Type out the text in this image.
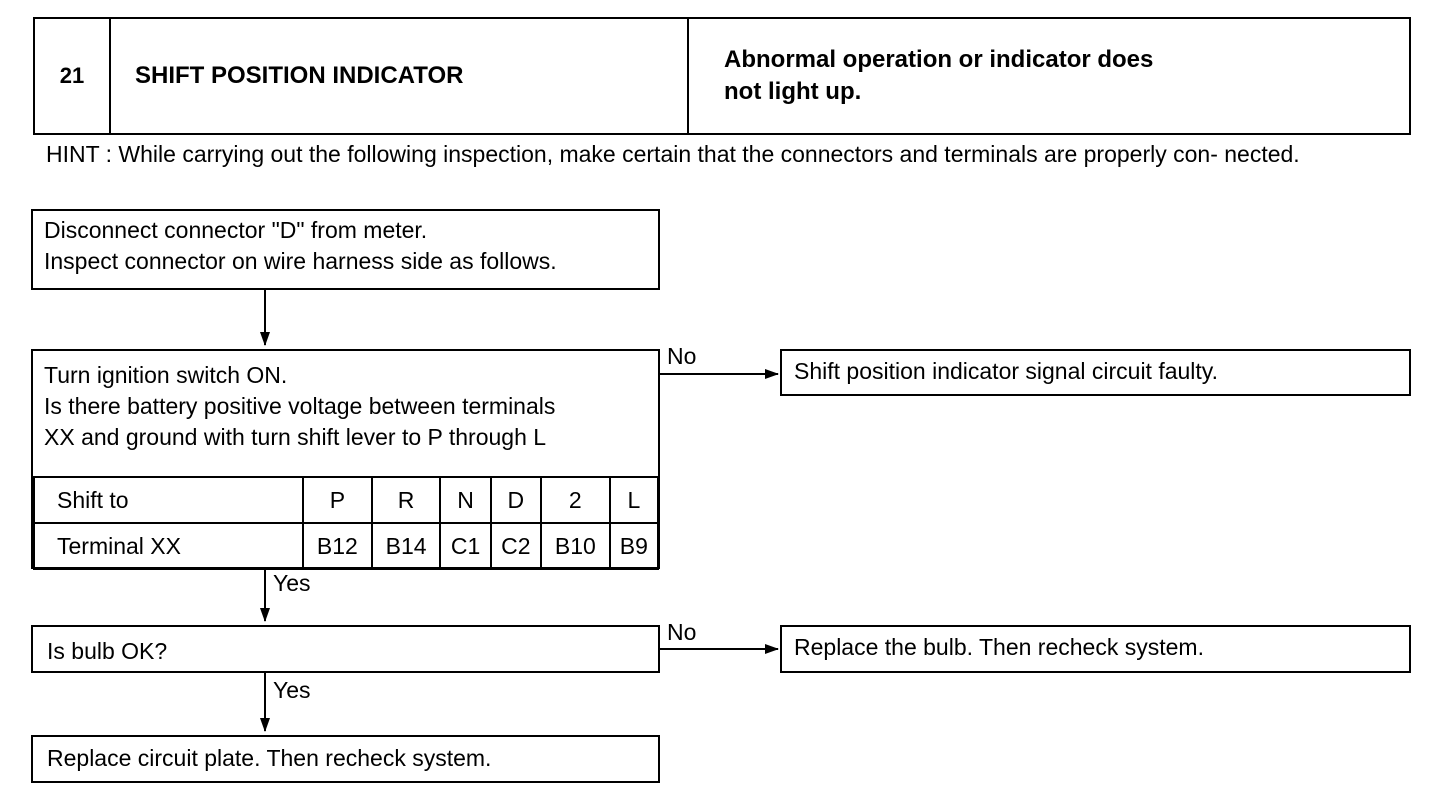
21	SHIFT POSITION INDICATOR
Abnormal operation or indicator does
not light up.
HINT : While carrying out the following inspection, make certain that the connectors and terminals are properly con- nected.
Disconnect connector "D" from meter.
Inspect connector on wire harness side as follows.
Turn ignition switch ON.
Is there battery positive voltage between terminals
XX and ground with turn shift lever to P through L
Shift to	P	R	N	D	2	L
Terminal XX	B12	B14	C1	C2	B10	B9
Shift position indicator signal circuit faulty.
Is bulb OK?	Replace the bulb. Then recheck system.
Replace circuit plate. Then recheck system.
No
Yes
No
Yes
